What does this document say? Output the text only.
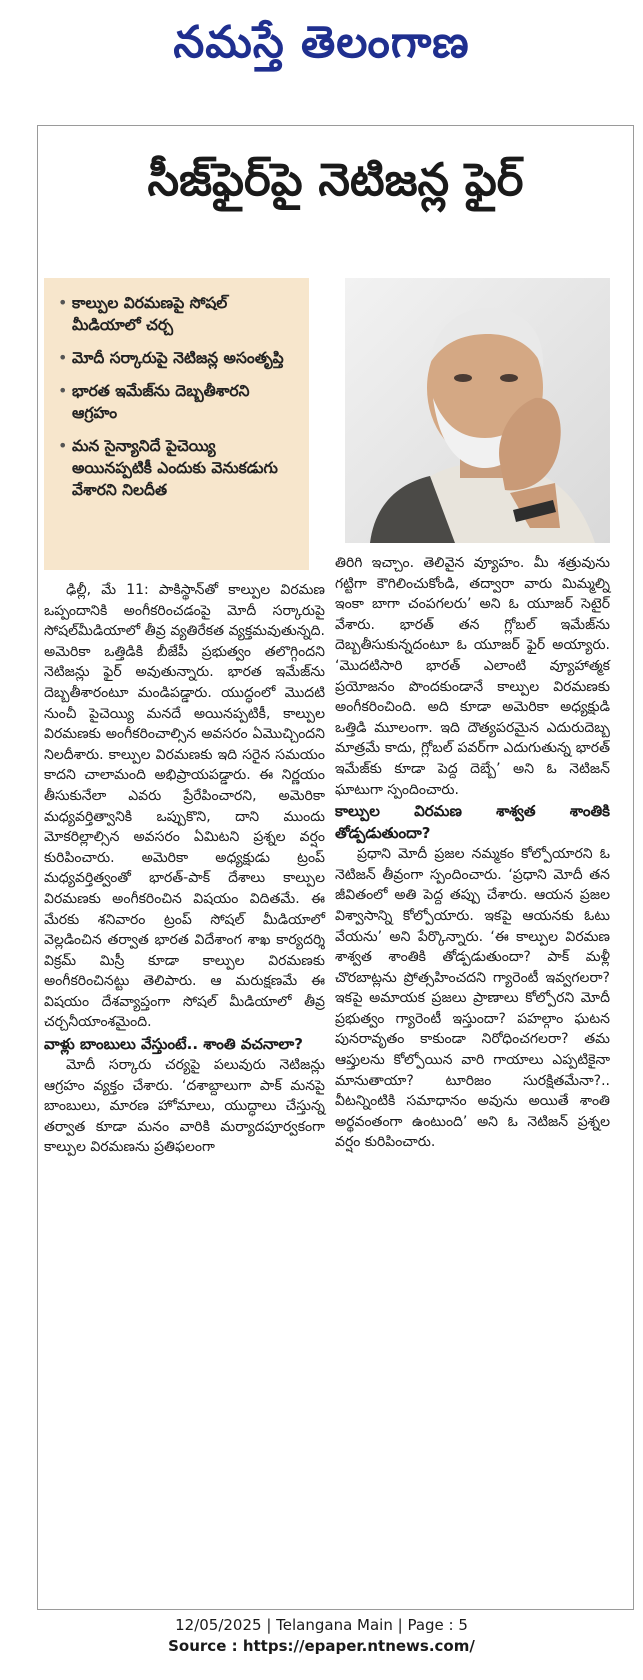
నమస్తే తెలంగాణ
సీజ్‌ఫైర్‌పై నెటిజన్ల ఫైర్
• కాల్పుల విరమణపై సోషల్ మీడియాలో చర్చ
• మోదీ సర్కారుపై నెటిజన్ల అసంతృప్తి
• భారత ఇమేజ్‌ను దెబ్బతీశారని ఆగ్రహం
• మన సైన్యానిదే పైచెయ్యి అయినప్పటికీ ఎందుకు వెనుకడుగు వేశారని నిలదీత

ఢిల్లీ, మే 11: పాకిస్థాన్‌తో కాల్పుల విరమణ ఒప్పందానికి అంగీకరించడంపై మోదీ సర్కారుపై సోషల్‌మీడియాలో తీవ్ర వ్యతిరేకత వ్యక్తమవుతున్నది. అమెరికా ఒత్తిడికి బీజేపీ ప్రభుత్వం తలొగ్గిందని నెటిజన్లు ఫైర్ అవుతున్నారు. భారత ఇమేజ్‌ను దెబ్బతీశారంటూ మండిపడ్డారు. యుద్ధంలో మొదటి నుంచీ పైచెయ్యి మనదే అయినప్పటికీ, కాల్పుల విరమణకు అంగీకరించాల్సిన అవసరం ఏమొచ్చిందని నిలదీశారు. కాల్పుల విరమణకు ఇది సరైన సమయం కాదని చాలామంది అభిప్రాయపడ్డారు. ఈ నిర్ణయం తీసుకునేలా ఎవరు ప్రేరేపించారని, అమెరికా మధ్యవర్తిత్వానికి ఒప్పుకొని, దాని ముందు మోకరిల్లాల్సిన అవసరం ఏమిటని ప్రశ్నల వర్షం కురిపించారు. అమెరికా అధ్యక్షుడు ట్రంప్ మధ్యవర్తిత్వంతో భారత్-పాక్ దేశాలు కాల్పుల విరమణకు అంగీకరించిన విషయం విదితమే. ఈ మేరకు శనివారం ట్రంప్ సోషల్ మీడియాలో వెల్లడించిన తర్వాత భారత విదేశాంగ శాఖ కార్యదర్శి విక్రమ్ మిస్రీ కూడా కాల్పుల విరమణకు అంగీకరించినట్టు తెలిపారు. ఆ మరుక్షణమే ఈ విషయం దేశవ్యాప్తంగా సోషల్ మీడియాలో తీవ్ర చర్చనీయాంశమైంది.

వాళ్లు బాంబులు వేస్తుంటే.. శాంతి వచనాలా?

మోదీ సర్కారు చర్యపై పలువురు నెటిజన్లు ఆగ్రహం వ్యక్తం చేశారు. ‘దశాబ్దాలుగా పాక్ మనపై బాంబులు, మారణ హోమాలు, యుద్ధాలు చేస్తున్న తర్వాత కూడా మనం వారికి మర్యాదపూర్వకంగా కాల్పుల విరమణను ప్రతిఫలంగా

తిరిగి ఇచ్చాం. తెలివైన వ్యూహం. మీ శత్రువును గట్టిగా కౌగిలించుకోండి, తద్వారా వారు మిమ్మల్ని ఇంకా బాగా చంపగలరు’ అని ఓ యూజర్ సెటైర్ వేశారు. భారత్ తన గ్లోబల్ ఇమేజ్‌ను దెబ్బతీసుకున్నదంటూ ఓ యూజర్ ఫైర్ అయ్యారు. ‘మొదటిసారి భారత్ ఎలాంటి వ్యూహాత్మక ప్రయోజనం పొందకుండానే కాల్పుల విరమణకు అంగీకరించింది. అది కూడా అమెరికా అధ్యక్షుడి ఒత్తిడి మూలంగా. ఇది దౌత్యపరమైన ఎదురుదెబ్బ మాత్రమే కాదు, గ్లోబల్ పవర్‌గా ఎదుగుతున్న భారత్ ఇమేజ్‌కు కూడా పెద్ద దెబ్బే’ అని ఓ నెటిజన్ ఘాటుగా స్పందించారు.

కాల్పుల విరమణ శాశ్వత శాంతికి తోడ్పడుతుందా?

ప్రధాని మోదీ ప్రజల నమ్మకం కోల్పోయారని ఓ నెటిజన్ తీవ్రంగా స్పందించారు. ‘ప్రధాని మోదీ తన జీవితంలో అతి పెద్ద తప్పు చేశారు. ఆయన ప్రజల విశ్వాసాన్ని కోల్పోయారు. ఇకపై ఆయనకు ఓటు వేయను’ అని పేర్కొన్నారు. ‘ఈ కాల్పుల విరమణ శాశ్వత శాంతికి తోడ్పడుతుందా? పాక్ మళ్లీ చొరబాట్లను ప్రోత్సహించదని గ్యారెంటీ ఇవ్వగలరా? ఇకపై అమాయక ప్రజలు ప్రాణాలు కోల్పోరని మోదీ ప్రభుత్వం గ్యారెంటీ ఇస్తుందా? పహల్గాం ఘటన పునరావృతం కాకుండా నిరోధించగలరా? తమ ఆప్తులను కోల్పోయిన వారి గాయాలు ఎప్పటికైనా మానుతాయా? టూరిజం సురక్షితమేనా?.. వీటన్నింటికి సమాధానం అవును అయితే శాంతి అర్థవంతంగా ఉంటుంది’ అని ఓ నెటిజన్ ప్రశ్నల వర్షం కురిపించారు.

12/05/2025 | Telangana Main | Page : 5
Source : https://epaper.ntnews.com/
